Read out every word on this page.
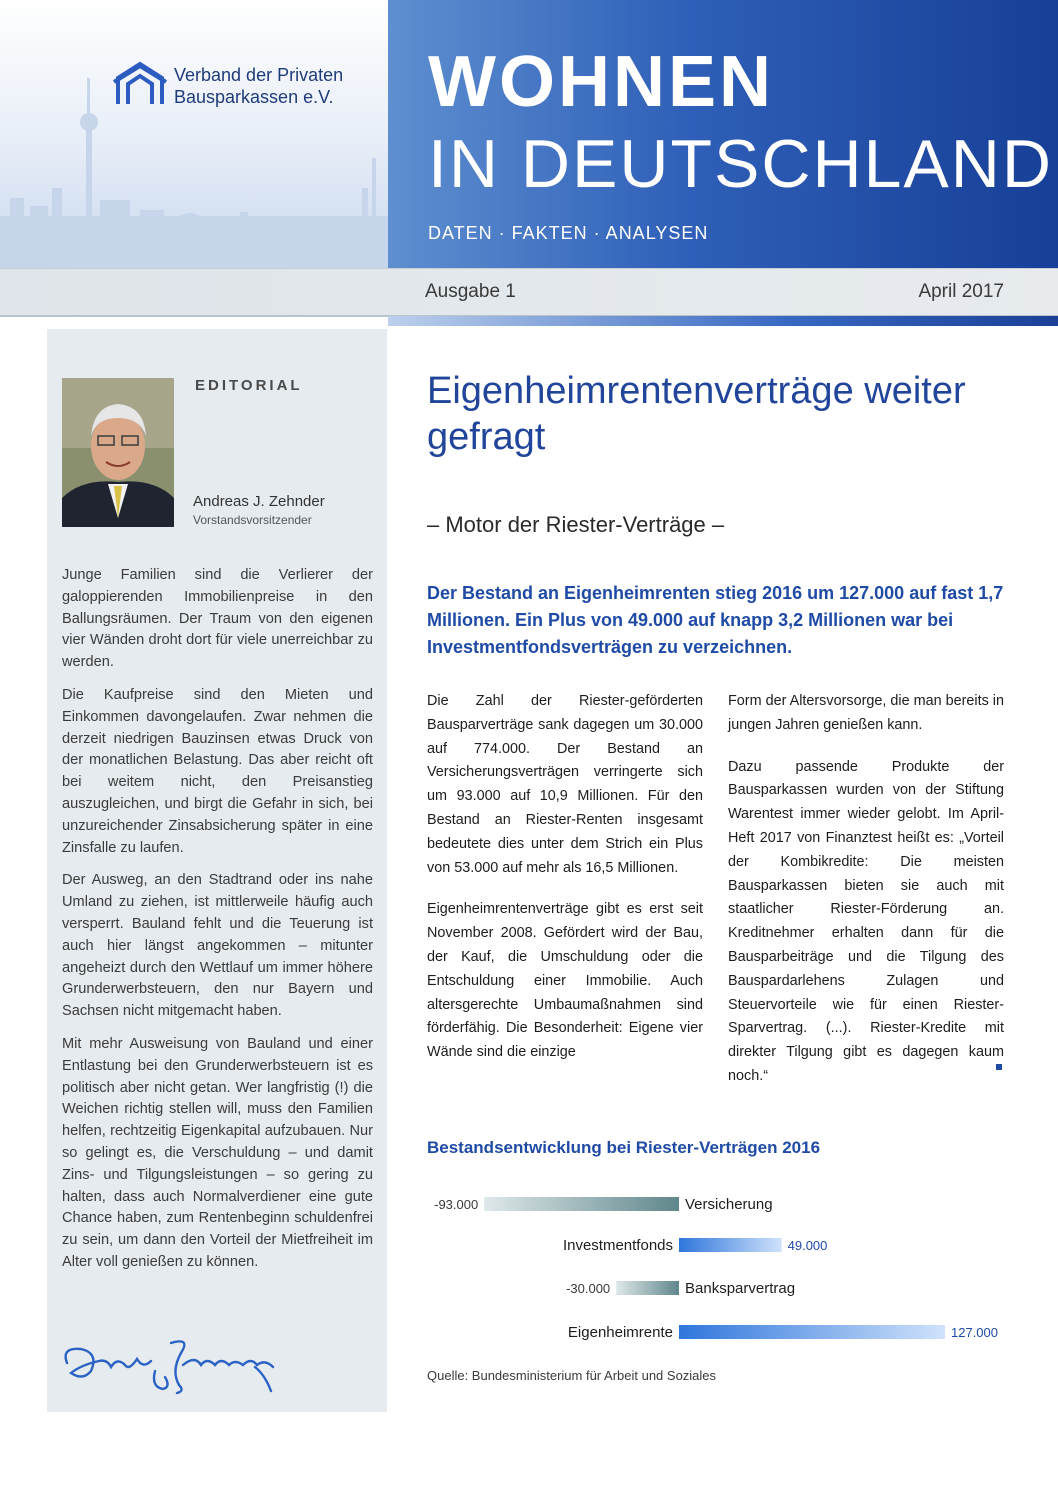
Verband der Privaten
Bausparkassen e.V. WOHNEN
IN DEUTSCHLAND
DATEN · FAKTEN · ANALYSEN
Ausgabe 1	April 2017
EDITORIAL
Andreas J. Zehnder
Vorstandsvorsitzender

Junge Familien sind die Verlierer der galoppierenden Immobilienpreise in den Ballungsräumen. Der Traum von den eigenen vier Wänden droht dort für viele unerreichbar zu werden.

Die Kaufpreise sind den Mieten und Einkommen davongelaufen. Zwar nehmen die derzeit niedrigen Bauzinsen etwas Druck von der monatlichen Belastung. Das aber reicht oft bei weitem nicht, den Preisanstieg auszugleichen, und birgt die Gefahr in sich, bei unzureichender Zinsabsicherung später in eine Zinsfalle zu laufen.

Der Ausweg, an den Stadtrand oder ins nahe Umland zu ziehen, ist mittlerweile häufig auch versperrt. Bauland fehlt und die Teuerung ist auch hier längst angekommen – mitunter angeheizt durch den Wettlauf um immer höhere Grunderwerbsteuern, den nur Bayern und Sachsen nicht mitgemacht haben.

Mit mehr Ausweisung von Bauland und einer Entlastung bei den Grunderwerbsteuern ist es politisch aber nicht getan. Wer langfristig (!) die Weichen richtig stellen will, muss den Familien helfen, rechtzeitig Eigenkapital aufzubauen. Nur so gelingt es, die Verschuldung – und damit Zins- und Tilgungsleistungen – so gering zu halten, dass auch Normalverdiener eine gute Chance haben, zum Rentenbeginn schuldenfrei zu sein, um dann den Vorteil der Mietfreiheit im Alter voll genießen zu können.

Eigenheimrentenverträge weiter gefragt
– Motor der Riester-Verträge –
Der Bestand an Eigenheimrenten stieg 2016 um 127.000 auf fast 1,7 Millionen. Ein Plus von 49.000 auf knapp 3,2 Millionen war bei Investmentfondsverträgen zu verzeichnen.

Die Zahl der Riester-geförderten Bausparverträge sank dagegen um 30.000 auf 774.000. Der Bestand an Versicherungsverträgen verringerte sich um 93.000 auf 10,9 Millionen. Für den Bestand an Riester-Renten insgesamt bedeutete dies unter dem Strich ein Plus von 53.000 auf mehr als 16,5 Millionen.

Eigenheimrentenverträge gibt es erst seit November 2008. Gefördert wird der Bau, der Kauf, die Umschuldung oder die Entschuldung einer Immobilie. Auch altersgerechte Umbaumaßnahmen sind förderfähig. Die Besonderheit: Eigene vier Wände sind die einzige

Form der Altersvorsorge, die man bereits in jungen Jahren genießen kann.

Dazu passende Produkte der Bausparkassen wurden von der Stiftung Warentest immer wieder gelobt. Im April-Heft 2017 von Finanztest heißt es: „Vorteil der Kombikredite: Die meisten Bausparkassen bieten sie auch mit staatlicher Riester-Förderung an. Kreditnehmer erhalten dann für die Bausparbeiträge und die Tilgung des Bauspardarlehens Zulagen und Steuervorteile wie für einen Riester-Sparvertrag. (...). Riester-Kredite mit direkter Tilgung gibt es dagegen kaum noch.“

Bestandsentwicklung bei Riester-Verträgen 2016
Versicherung
-93.000
Investmentfonds	49.000
Banksparvertrag
-30.000
Eigenheimrente	127.000
Quelle: Bundesministerium für Arbeit und Soziales
